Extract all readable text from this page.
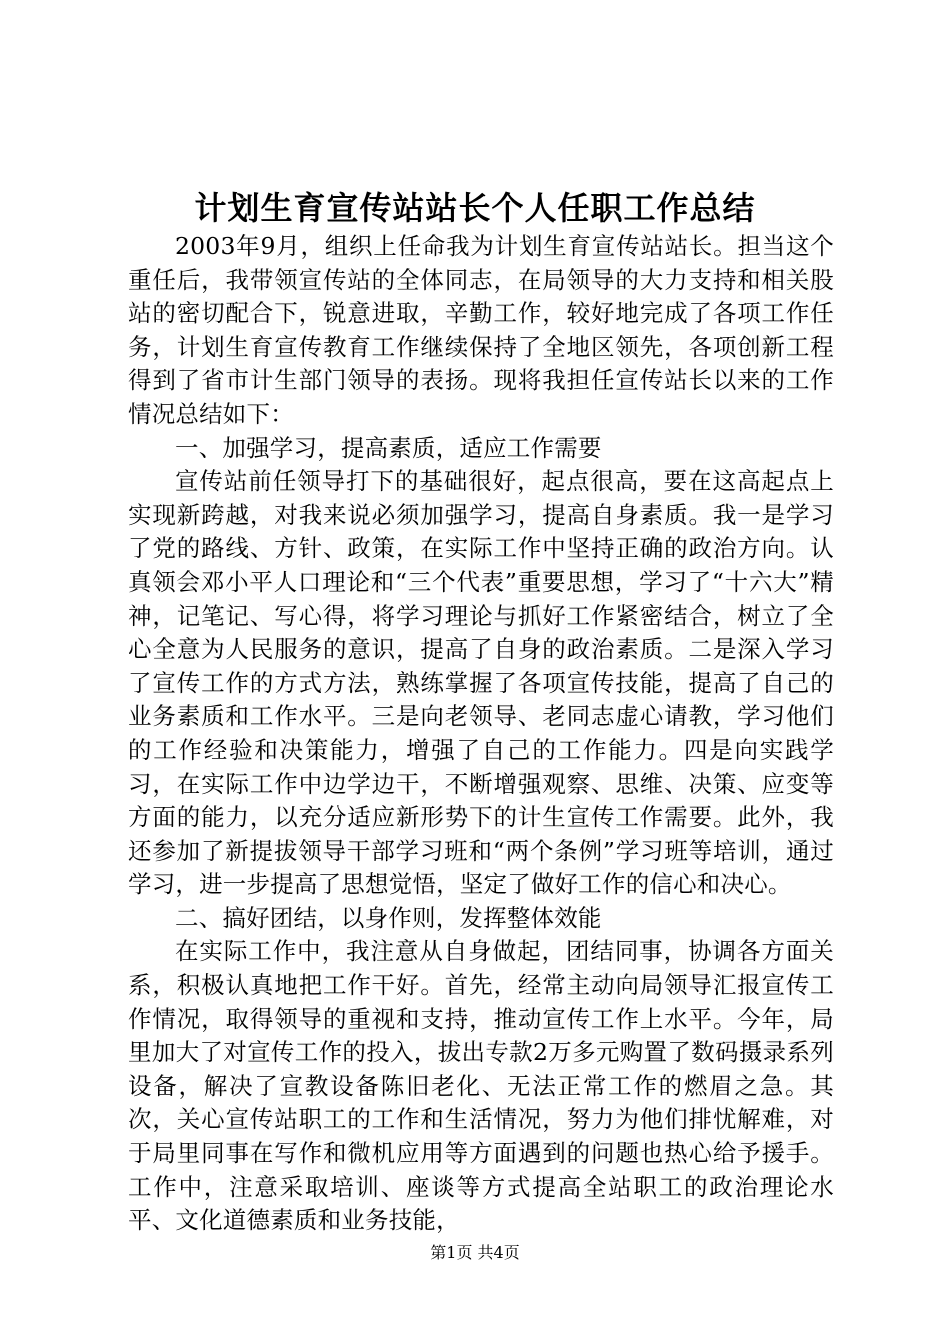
计划生育宣传站站长个人任职工作总结

2003年9月，组织上任命我为计划生育宣传站站长。担当这个重任后，我带领宣传站的全体同志，在局领导的大力支持和相关股站的密切配合下，锐意进取，辛勤工作，较好地完成了各项工作任务，计划生育宣传教育工作继续保持了全地区领先，各项创新工程得到了省市计生部门领导的表扬。现将我担任宣传站长以来的工作情况总结如下：

一、加强学习，提高素质，适应工作需要

宣传站前任领导打下的基础很好，起点很高，要在这高起点上实现新跨越，对我来说必须加强学习，提高自身素质。我一是学习了党的路线、方针、政策，在实际工作中坚持正确的政治方向。认真领会邓小平人口理论和“三个代表”重要思想，学习了“十六大”精神，记笔记、写心得，将学习理论与抓好工作紧密结合，树立了全心全意为人民服务的意识，提高了自身的政治素质。二是深入学习了宣传工作的方式方法，熟练掌握了各项宣传技能，提高了自己的业务素质和工作水平。三是向老领导、老同志虚心请教，学习他们的工作经验和决策能力，增强了自己的工作能力。四是向实践学习，在实际工作中边学边干，不断增强观察、思维、决策、应变等方面的能力，以充分适应新形势下的计生宣传工作需要。此外，我还参加了新提拔领导干部学习班和“两个条例”学习班等培训，通过学习，进一步提高了思想觉悟，坚定了做好工作的信心和决心。

二、搞好团结，以身作则，发挥整体效能

在实际工作中，我注意从自身做起，团结同事，协调各方面关系，积极认真地把工作干好。首先，经常主动向局领导汇报宣传工作情况，取得领导的重视和支持，推动宣传工作上水平。今年，局里加大了对宣传工作的投入，拔出专款2万多元购置了数码摄录系列设备，解决了宣教设备陈旧老化、无法正常工作的燃眉之急。其次，关心宣传站职工的工作和生活情况，努力为他们排忧解难，对于局里同事在写作和微机应用等方面遇到的问题也热心给予援手。工作中，注意采取培训、座谈等方式提高全站职工的政治理论水平、文化道德素质和业务技能，

第1页 共4页
